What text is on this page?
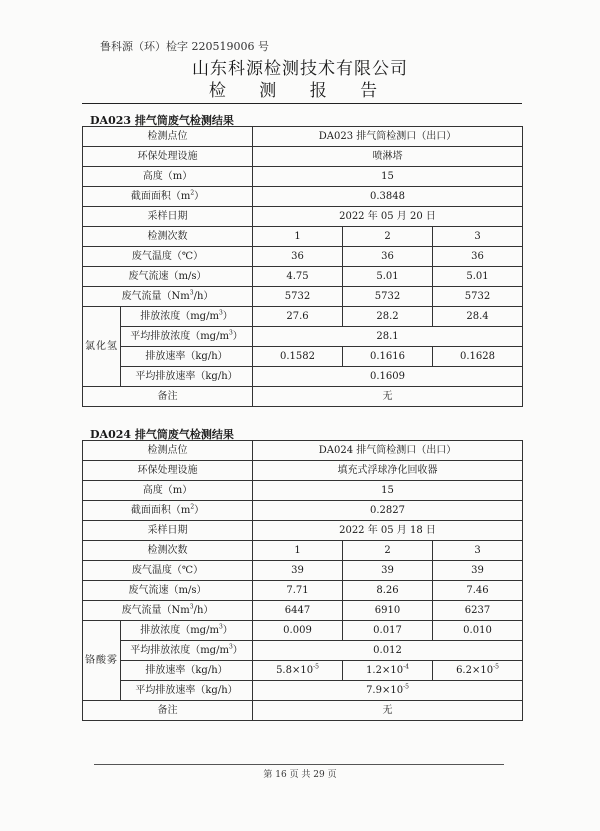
鲁科源（环）检字 220519006 号
山东科源检测技术有限公司
检 测 报 告
DA023 排气筒废气检测结果
检测点位		DA023 排气筒检测口（出口）		
环保处理设施		喷淋塔		
高度（m）		15		
截面面积$(m^2)$		0.3848		
采样日期		2022 年 05 月 20 日		
检测次数		1	2	3
废气温度（℃）		36	36	36
废气流速（m/s）		4.75	5.01	5.01
废气流量（Nm$^3$/h）		5732	5732	5732
氯化氢	排放浓度$(mg/m^3)$	27.6	28.2	28.4
	平均排放浓度$(mg/m^3)$	28.1		
	排放速率（kg/h）	0.1582	0.1616	0.1628
	平均排放速率（kg/h）	0.1609		
备注		无		
DA024 排气筒废气检测结果
检测点位		DA024 排气筒检测口（出口）		
环保处理设施		填充式浮球净化回收器		
高度（m）		15		
截面面积$(m^2)$		0.2827		
采样日期		2022 年 05 月 18 日		
检测次数		1	2	3
废气温度（℃）		39	39	39
废气流速（m/s）		7.71	8.26	7.46
废气流量（Nm$^3$/h）		6447	6910	6237
铬酸雾	排放浓度$(mg/m^3)$	0.009	0.017	0.010
	平均排放浓度$(mg/m^3)$	0.012		
	排放速率（kg/h）	$5.8\times 10^{-5}$	$1.2\times 10^{-4}$	$6.2\times 10^{-5}$
	平均排放速率（kg/h）	$7.9\times 10^{-5}$
备注		无		
第 16 页 共 29 页
